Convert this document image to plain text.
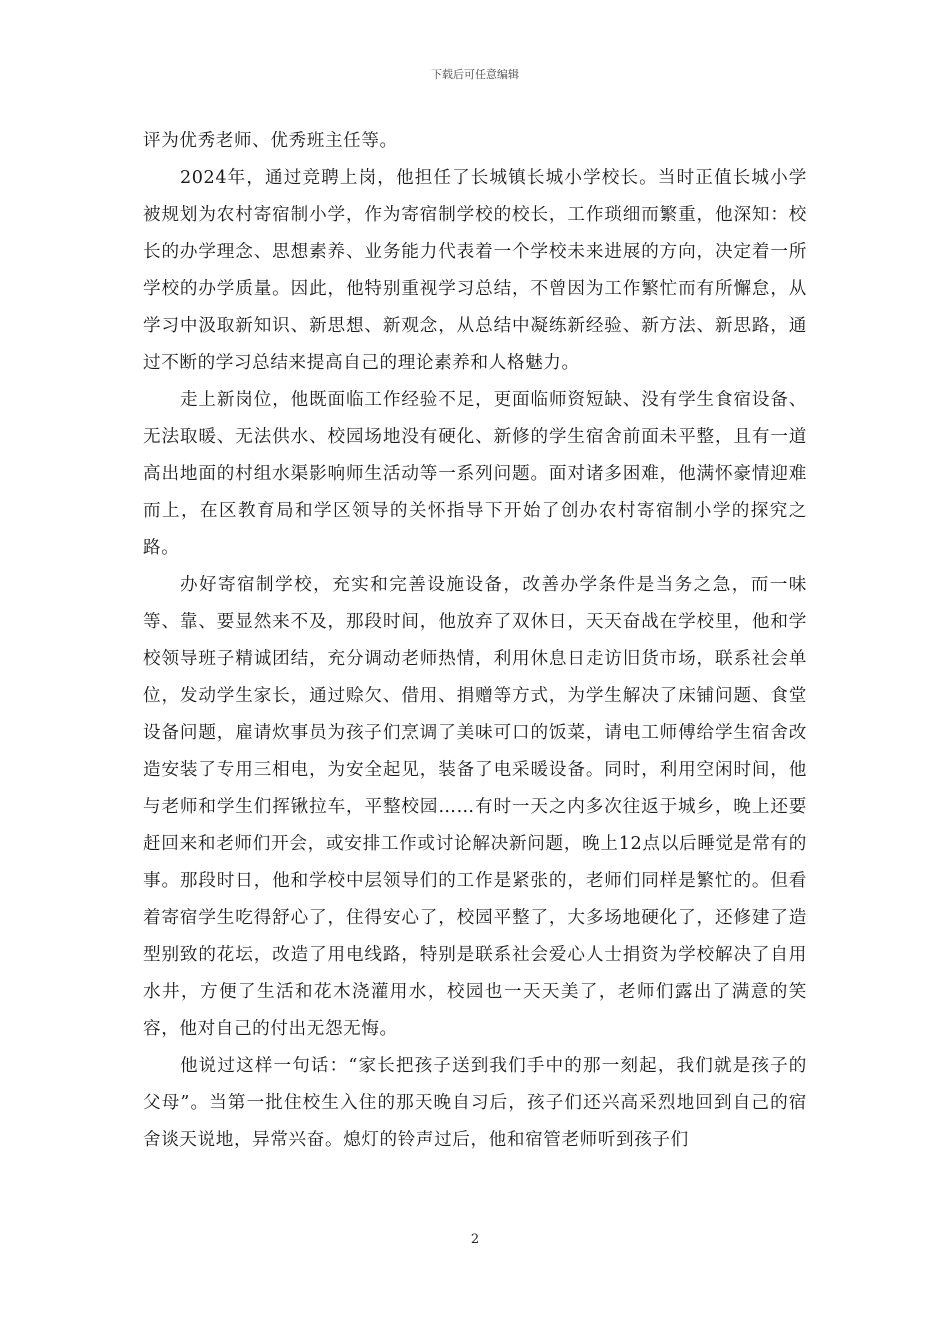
下载后可任意编辑

评为优秀老师、优秀班主任等。

2024年，通过竞聘上岗，他担任了长城镇长城小学校长。当时正值长城小学被规划为农村寄宿制小学，作为寄宿制学校的校长，工作琐细而繁重，他深知：校长的办学理念、思想素养、业务能力代表着一个学校未来进展的方向，决定着一所学校的办学质量。因此，他特别重视学习总结，不曾因为工作繁忙而有所懈怠，从学习中汲取新知识、新思想、新观念，从总结中凝练新经验、新方法、新思路，通过不断的学习总结来提高自己的理论素养和人格魅力。

走上新岗位，他既面临工作经验不足，更面临师资短缺、没有学生食宿设备、无法取暖、无法供水、校园场地没有硬化、新修的学生宿舍前面未平整，且有一道高出地面的村组水渠影响师生活动等一系列问题。面对诸多困难，他满怀豪情迎难而上，在区教育局和学区领导的关怀指导下开始了创办农村寄宿制小学的探究之路。

办好寄宿制学校，充实和完善设施设备，改善办学条件是当务之急，而一味等、靠、要显然来不及，那段时间，他放弃了双休日，天天奋战在学校里，他和学校领导班子精诚团结，充分调动老师热情，利用休息日走访旧货市场，联系社会单位，发动学生家长，通过赊欠、借用、捐赠等方式，为学生解决了床铺问题、食堂设备问题，雇请炊事员为孩子们烹调了美味可口的饭菜，请电工师傅给学生宿舍改造安装了专用三相电，为安全起见，装备了电采暖设备。同时，利用空闲时间，他与老师和学生们挥锹拉车，平整校园……有时一天之内多次往返于城乡，晚上还要赶回来和老师们开会，或安排工作或讨论解决新问题，晚上12点以后睡觉是常有的事。那段时日，他和学校中层领导们的工作是紧张的，老师们同样是繁忙的。但看着寄宿学生吃得舒心了，住得安心了，校园平整了，大多场地硬化了，还修建了造型别致的花坛，改造了用电线路，特别是联系社会爱心人士捐资为学校解决了自用水井，方便了生活和花木浇灌用水，校园也一天天美了，老师们露出了满意的笑容，他对自己的付出无怨无悔。

他说过这样一句话：“家长把孩子送到我们手中的那一刻起，我们就是孩子的父母”。当第一批住校生入住的那天晚自习后，孩子们还兴高采烈地回到自己的宿舍谈天说地，异常兴奋。熄灯的铃声过后，他和宿管老师听到孩子们

2
